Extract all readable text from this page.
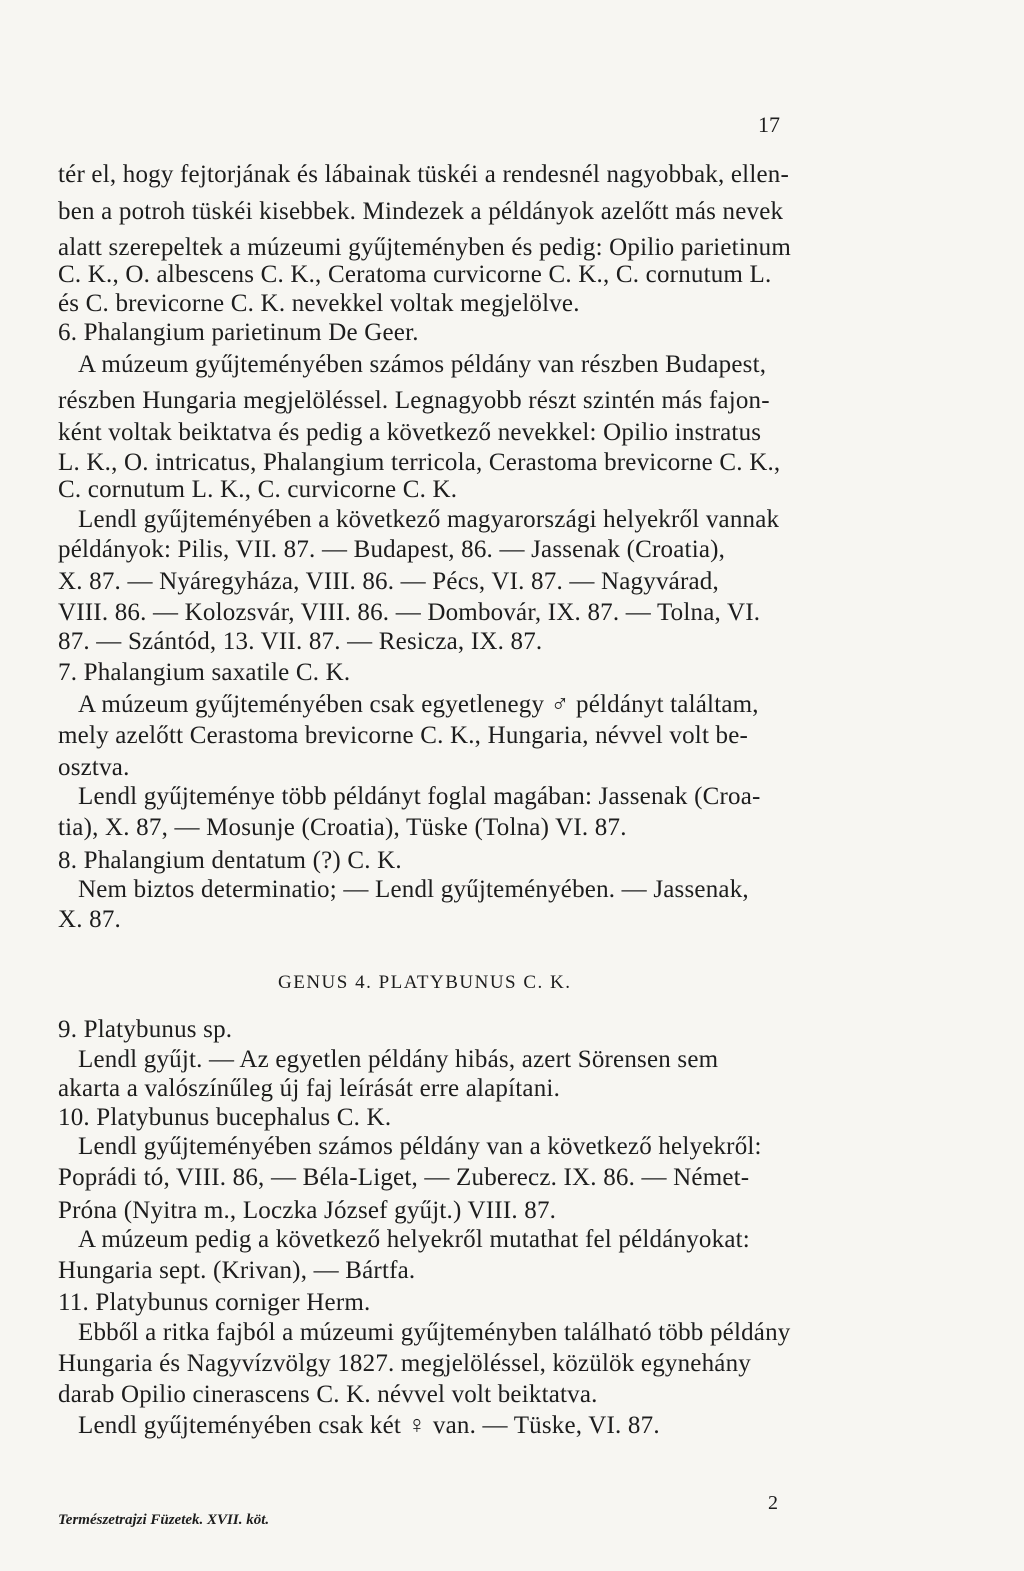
17
tér el, hogy fejtorjának és lábainak tüskéi a rendesnél nagyobbak, ellen-
ben a potroh tüskéi kisebbek. Mindezek a példányok azelőtt más nevek
alatt szerepeltek a múzeumi gyűjteményben és pedig: Opilio parietinum
C. K., O. albescens C. K., Ceratoma curvicorne C. K., C. cornutum L.
és C. brevicorne C. K. nevekkel voltak megjelölve.
6. Phalangium parietinum De Geer.
A múzeum gyűjteményében számos példány van részben Budapest,
részben Hungaria megjelöléssel. Legnagyobb részt szintén más fajon-
ként voltak beiktatva és pedig a következő nevekkel: Opilio instratus
L. K., O. intricatus, Phalangium terricola, Cerastoma brevicorne C. K.,
C. cornutum L. K., C. curvicorne C. K.
Lendl gyűjteményében a következő magyarországi helyekről vannak
példányok: Pilis, VII. 87. — Budapest, 86. — Jassenak (Croatia),
X. 87. — Nyáregyháza, VIII. 86. — Pécs, VI. 87. — Nagyvárad,
VIII. 86. — Kolozsvár, VIII. 86. — Dombovár, IX. 87. — Tolna, VI.
87. — Szántód, 13. VII. 87. — Resicza, IX. 87.
7. Phalangium saxatile C. K.
A múzeum gyűjteményében csak egyetlenegy ♂ példányt találtam,
mely azelőtt Cerastoma brevicorne C. K., Hungaria, névvel volt be-
osztva.
Lendl gyűjteménye több példányt foglal magában: Jassenak (Croa-
tia), X. 87, — Mosunje (Croatia), Tüske (Tolna) VI. 87.
8. Phalangium dentatum (?) C. K.
Nem biztos determinatio; — Lendl gyűjteményében. — Jassenak,
X. 87.
GENUS 4. PLATYBUNUS C. K.
9. Platybunus sp.
Lendl gyűjt. — Az egyetlen példány hibás, azert Sörensen sem
akarta a valószínűleg új faj leírását erre alapítani.
10. Platybunus bucephalus C. K.
Lendl gyűjteményében számos példány van a következő helyekről:
Poprádi tó, VIII. 86, — Béla-Liget, — Zuberecz. IX. 86. — Német-
Próna (Nyitra m., Loczka József gyűjt.) VIII. 87.
A múzeum pedig a következő helyekről mutathat fel példányokat:
Hungaria sept. (Krivan), — Bártfa.
11. Platybunus corniger Herm.
Ebből a ritka fajból a múzeumi gyűjteményben található több példány
Hungaria és Nagyvízvölgy 1827. megjelöléssel, közülök egynehány
darab Opilio cinerascens C. K. névvel volt beiktatva.
Lendl gyűjteményében csak két ♀ van. — Tüske, VI. 87.
2
Természetrajzi Füzetek. XVII. köt.
